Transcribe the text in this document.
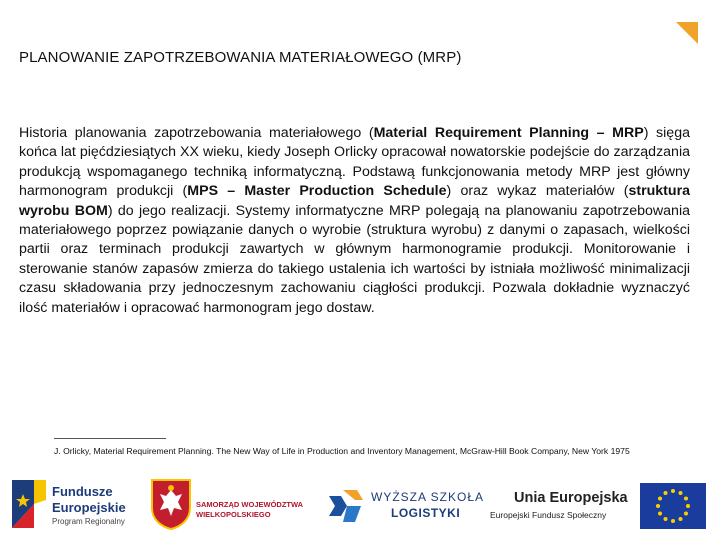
PLANOWANIE ZAPOTRZEBOWANIA MATERIAŁOWEGO (MRP)

Historia planowania zapotrzebowania materiałowego (Material Requirement Planning – MRP) sięga końca lat pięćdziesiątych XX wieku, kiedy Joseph Orlicky opracował nowatorskie podejście do zarządzania produkcją wspomaganego techniką informatyczną. Podstawą funkcjonowania metody MRP jest główny harmonogram produkcji (MPS – Master Production Schedule) oraz wykaz materiałów (struktura wyrobu BOM) do jego realizacji. Systemy informatyczne MRP polegają na planowaniu zapotrzebowania materiałowego poprzez powiązanie danych o wyrobie (struktura wyrobu) z danymi o zapasach, wielkości partii oraz terminach produkcji zawartych w głównym harmonogramie produkcji. Monitorowanie i sterowanie stanów zapasów zmierza do takiego ustalenia ich wartości by istniała możliwość minimalizacji czasu składowania przy jednoczesnym zachowaniu ciągłości produkcji. Pozwala dokładnie wyznaczyć ilość materiałów i opracować harmonogram jego dostaw.

J. Orlicky, Material Requirement Planning. The New Way of Life in Production and Inventory Management, McGraw-Hill Book Company, New York 1975

Fundusze
Europejskie
Program Regionalny
SAMORZĄD WOJEWÓDZTWA
WIELKOPOLSKIEGO
WYŻSZA SZKOŁA
LOGISTYKI
Unia Europejska
Europejski Fundusz Społeczny
